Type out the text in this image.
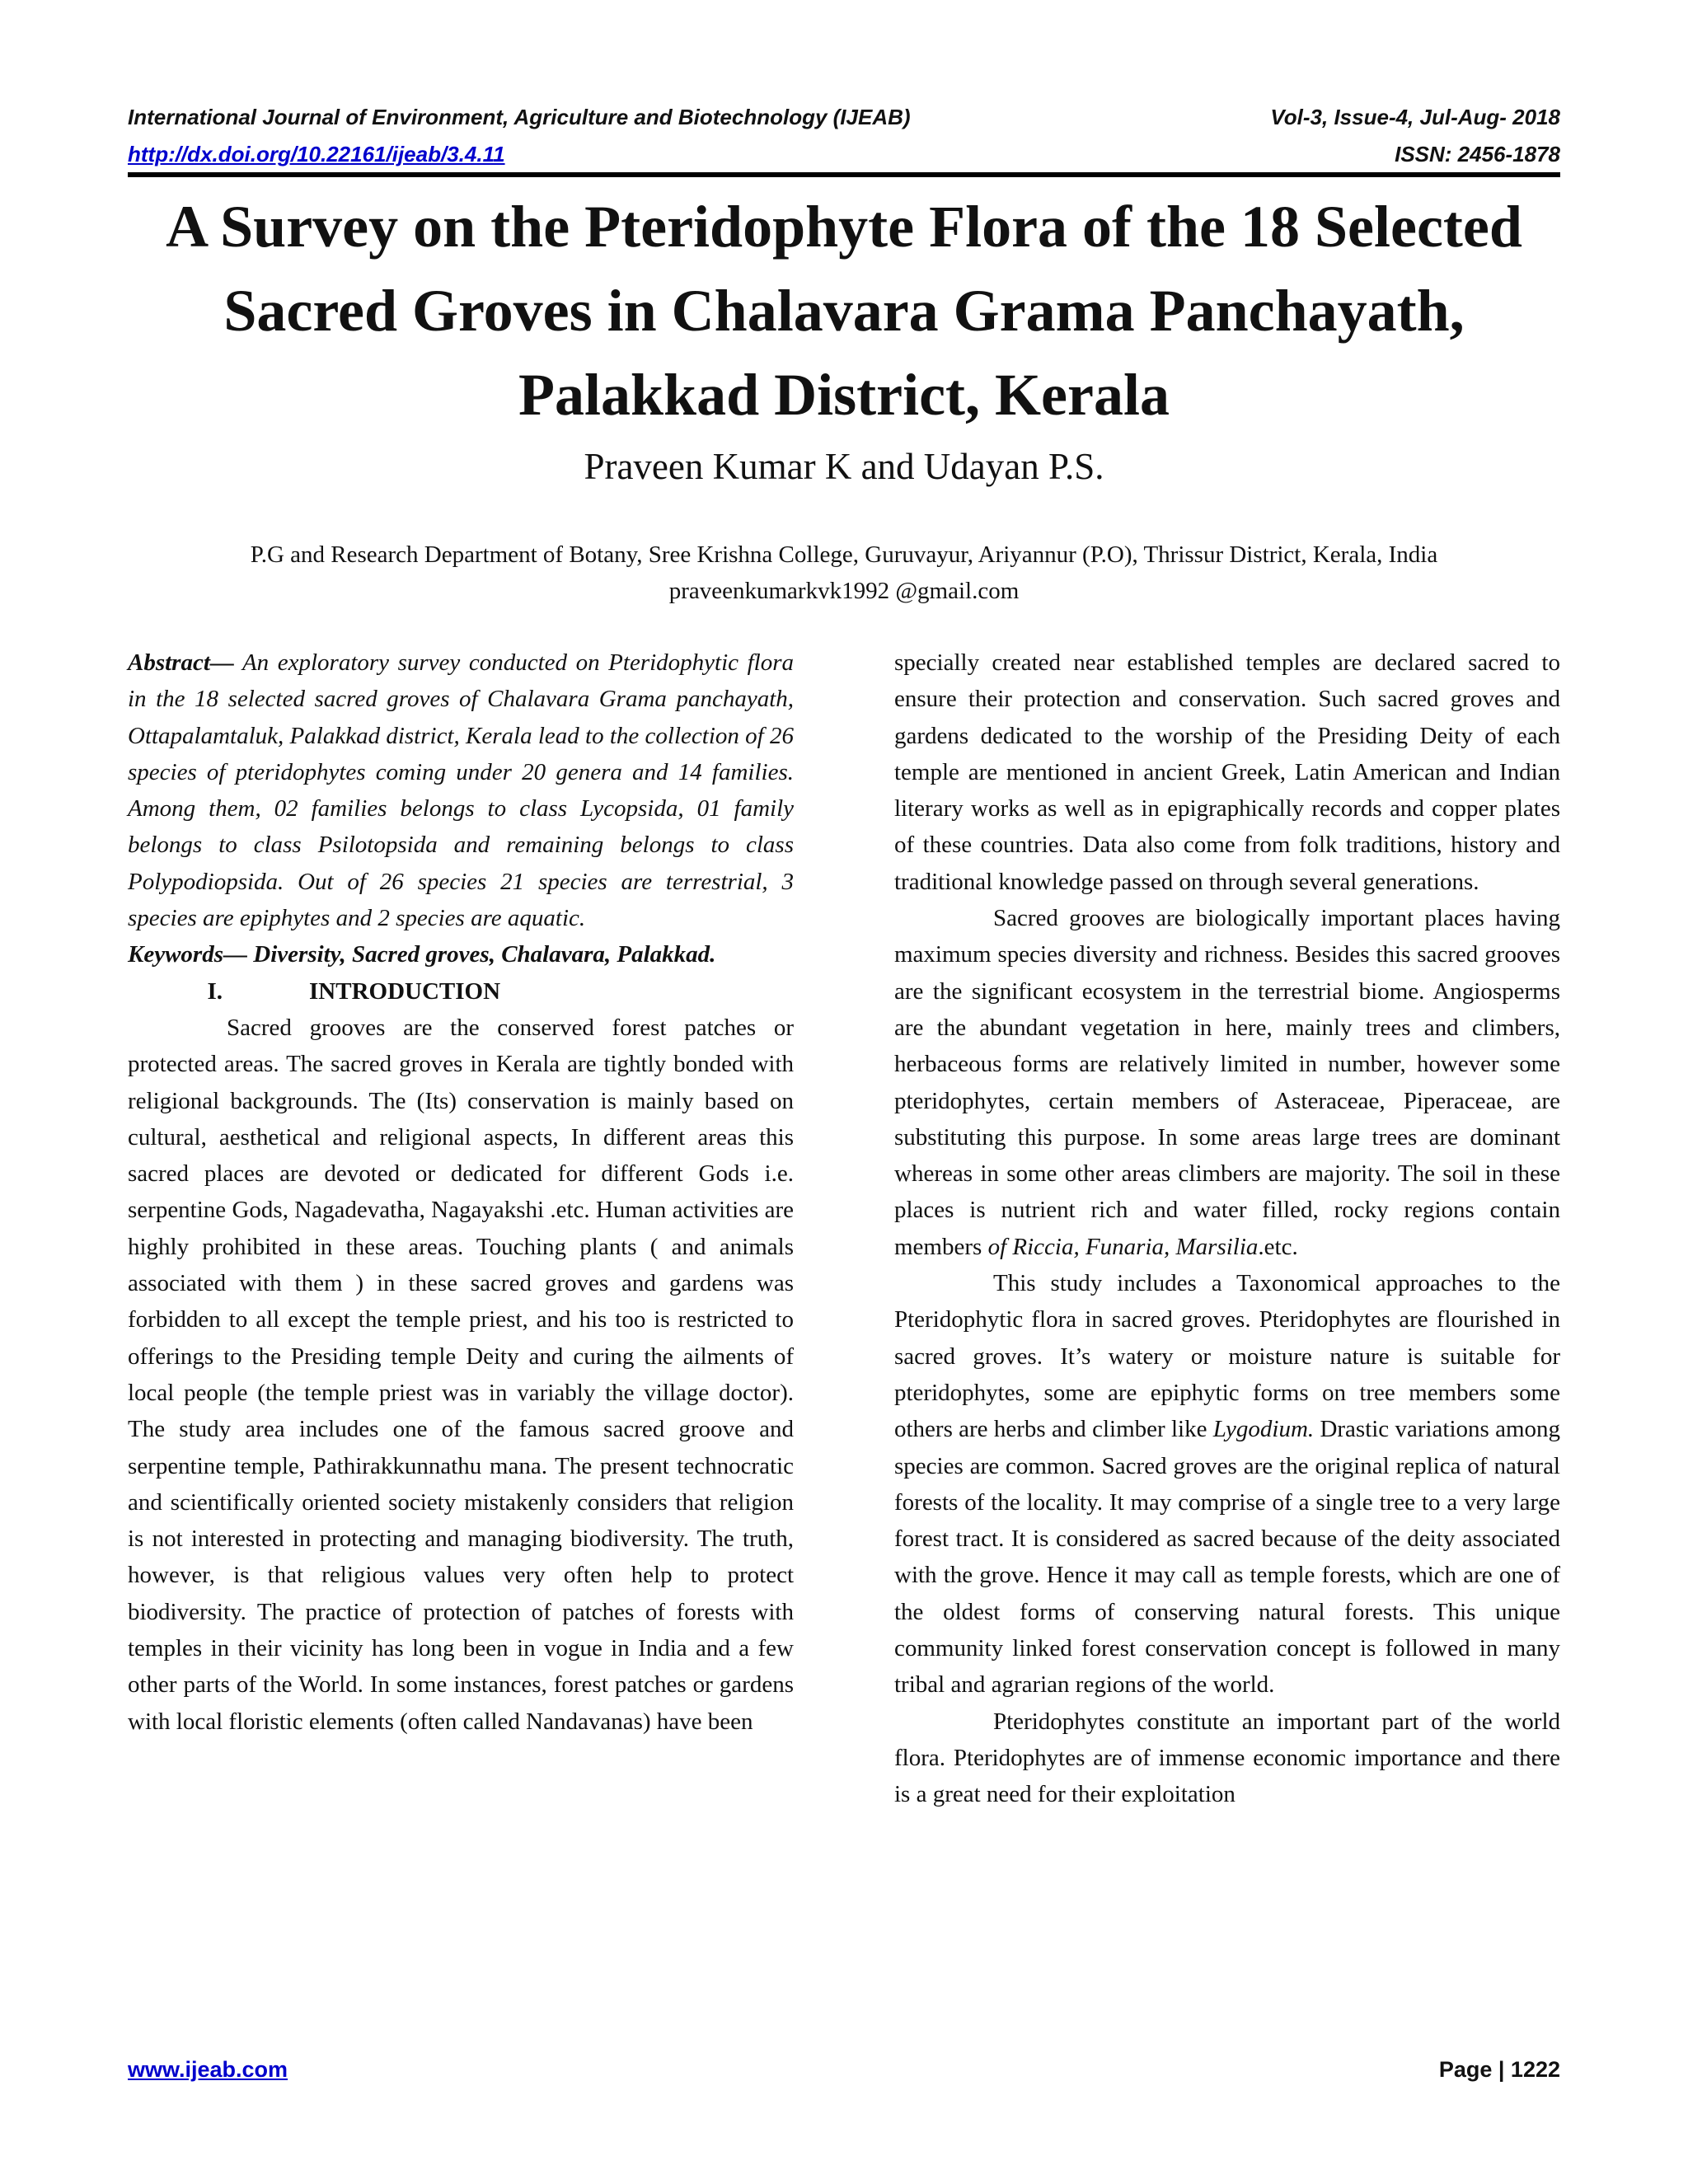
International Journal of Environment, Agriculture and Biotechnology (IJEAB)	Vol-3, Issue-4, Jul-Aug- 2018
http://dx.doi.org/10.22161/ijeab/3.4.11	ISSN: 2456-1878
A Survey on the Pteridophyte Flora of the 18 Selected Sacred Groves in Chalavara Grama Panchayath, Palakkad District, Kerala
Praveen Kumar K and Udayan P.S.
P.G and Research Department of Botany, Sree Krishna College, Guruvayur, Ariyannur (P.O), Thrissur District, Kerala, India
praveenkumarkvk1992 @gmail.com

Abstract— An exploratory survey conducted on Pteridophytic flora in the 18 selected sacred groves of Chalavara Grama panchayath, Ottapalamtaluk, Palakkad district, Kerala lead to the collection of 26 species of pteridophytes coming under 20 genera and 14 families. Among them, 02 families belongs to class Lycopsida, 01 family belongs to class Psilotopsida and remaining belongs to class Polypodiopsida. Out of 26 species 21 species are terrestrial, 3 species are epiphytes and 2 species are aquatic.

Keywords— Diversity, Sacred groves, Chalavara, Palakkad.

I.	INTRODUCTION

Sacred grooves are the conserved forest patches or protected areas. The sacred groves in Kerala are tightly bonded with religional backgrounds. The (Its) conservation is mainly based on cultural, aesthetical and religional aspects, In different areas this sacred places are devoted or dedicated for different Gods i.e. serpentine Gods, Nagadevatha, Nagayakshi .etc. Human activities are highly prohibited in these areas. Touching plants ( and animals associated with them ) in these sacred groves and gardens was forbidden to all except the temple priest, and his too is restricted to offerings to the Presiding temple Deity and curing the ailments of local people (the temple priest was in variably the village doctor). The study area includes one of the famous sacred groove and serpentine temple, Pathirakkunnathu mana. The present technocratic and scientifically oriented society mistakenly considers that religion is not interested in protecting and managing biodiversity. The truth, however, is that religious values very often help to protect biodiversity. The practice of protection of patches of forests with temples in their vicinity has long been in vogue in India and a few other parts of the World. In some instances, forest patches or gardens with local floristic elements (often called Nandavanas) have been

specially created near established temples are declared sacred to ensure their protection and conservation. Such sacred groves and gardens dedicated to the worship of the Presiding Deity of each temple are mentioned in ancient Greek, Latin American and Indian literary works as well as in epigraphically records and copper plates of these countries. Data also come from folk traditions, history and traditional knowledge passed on through several generations.

Sacred grooves are biologically important places having maximum species diversity and richness. Besides this sacred grooves are the significant ecosystem in the terrestrial biome. Angiosperms are the abundant vegetation in here, mainly trees and climbers, herbaceous forms are relatively limited in number, however some pteridophytes, certain members of Asteraceae, Piperaceae, are substituting this purpose. In some areas large trees are dominant whereas in some other areas climbers are majority. The soil in these places is nutrient rich and water filled, rocky regions contain members of Riccia, Funaria, Marsilia.etc.

This study includes a Taxonomical approaches to the Pteridophytic flora in sacred groves. Pteridophytes are flourished in sacred groves. It’s watery or moisture nature is suitable for pteridophytes, some are epiphytic forms on tree members some others are herbs and climber like Lygodium. Drastic variations among species are common. Sacred groves are the original replica of natural forests of the locality. It may comprise of a single tree to a very large forest tract. It is considered as sacred because of the deity associated with the grove. Hence it may call as temple forests, which are one of the oldest forms of conserving natural forests. This unique community linked forest conservation concept is followed in many tribal and agrarian regions of the world.

Pteridophytes constitute an important part of the world flora. Pteridophytes are of immense economic importance and there is a great need for their exploitation

www.ijeab.com	Page | 1222
